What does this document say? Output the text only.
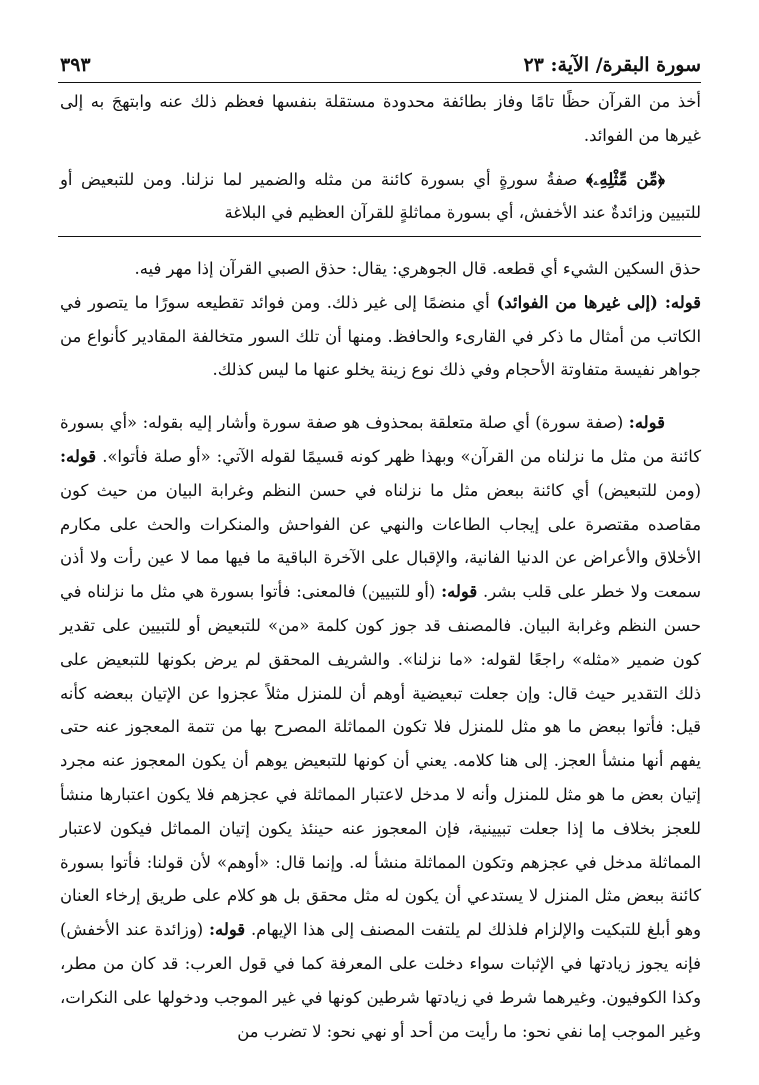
سورة البقرة/ الآية: ٢٣
٣٩٣

أخذ من القرآن حظًا تامًا وفاز بطائفة محدودة مستقلة بنفسها فعظم ذلك عنه وابتهجَ به إلى غيرها من الفوائد.

﴿مِّن مِّثْلِهِۦ﴾ صفةُ سورةٍ أي بسورة كائنة من مثله والضمير لما نزلنا. ومن للتبعيض أو للتبيين وزائدةٌ عند الأخفش، أي بسورة مماثلةٍ للقرآن العظيم في البلاغة

حذق السكين الشيء أي قطعه. قال الجوهري: يقال: حذق الصبي القرآن إذا مهر فيه.

قوله: (إلى غيرها من الفوائد) أي منضمًا إلى غير ذلك. ومن فوائد تقطيعه سورًا ما يتصور في الكاتب من أمثال ما ذكر في القارىء والحافظ. ومنها أن تلك السور متخالفة المقادير كأنواع من جواهر نفيسة متفاوتة الأحجام وفي ذلك نوع زينة يخلو عنها ما ليس كذلك.

قوله: (صفة سورة) أي صلة متعلقة بمحذوف هو صفة سورة وأشار إليه بقوله: «أي بسورة كائنة من مثل ما نزلناه من القرآن» وبهذا ظهر كونه قسيمًا لقوله الآتي: «أو صلة فأتوا». قوله: (ومن للتبعيض) أي كائنة ببعض مثل ما نزلناه في حسن النظم وغرابة البيان من حيث كون مقاصده مقتصرة على إيجاب الطاعات والنهي عن الفواحش والمنكرات والحث على مكارم الأخلاق والأعراض عن الدنيا الفانية، والإقبال على الآخرة الباقية ما فيها مما لا عين رأت ولا أذن سمعت ولا خطر على قلب بشر. قوله: (أو للتبيين) فالمعنى: فأتوا بسورة هي مثل ما نزلناه في حسن النظم وغرابة البيان. فالمصنف قد جوز كون كلمة «من» للتبعيض أو للتبيين على تقدير كون ضمير «مثله» راجعًا لقوله: «ما نزلنا». والشريف المحقق لم يرض بكونها للتبعيض على ذلك التقدير حيث قال: وإن جعلت تبعيضية أوهم أن للمنزل مثلاً عجزوا عن الإتيان ببعضه كأنه قيل: فأتوا ببعض ما هو مثل للمنزل فلا تكون المماثلة المصرح بها من تتمة المعجوز عنه حتى يفهم أنها منشأ العجز. إلى هنا كلامه. يعني أن كونها للتبعيض يوهم أن يكون المعجوز عنه مجرد إتيان بعض ما هو مثل للمنزل وأنه لا مدخل لاعتبار المماثلة في عجزهم فلا يكون اعتبارها منشأ للعجز بخلاف ما إذا جعلت تبيينية، فإن المعجوز عنه حينئذ يكون إتيان المماثل فيكون لاعتبار المماثلة مدخل في عجزهم وتكون المماثلة منشأ له. وإنما قال: «أوهم» لأن قولنا: فأتوا بسورة كائنة ببعض مثل المنزل لا يستدعي أن يكون له مثل محقق بل هو كلام على طريق إرخاء العنان وهو أبلغ للتبكيت والإلزام فلذلك لم يلتفت المصنف إلى هذا الإيهام. قوله: (وزائدة عند الأخفش) فإنه يجوز زيادتها في الإثبات سواء دخلت على المعرفة كما في قول العرب: قد كان من مطر، وكذا الكوفيون. وغيرهما شرط في زيادتها شرطين كونها في غير الموجب ودخولها على النكرات، وغير الموجب إما نفي نحو: ما رأيت من أحد أو نهي نحو: لا تضرب من
